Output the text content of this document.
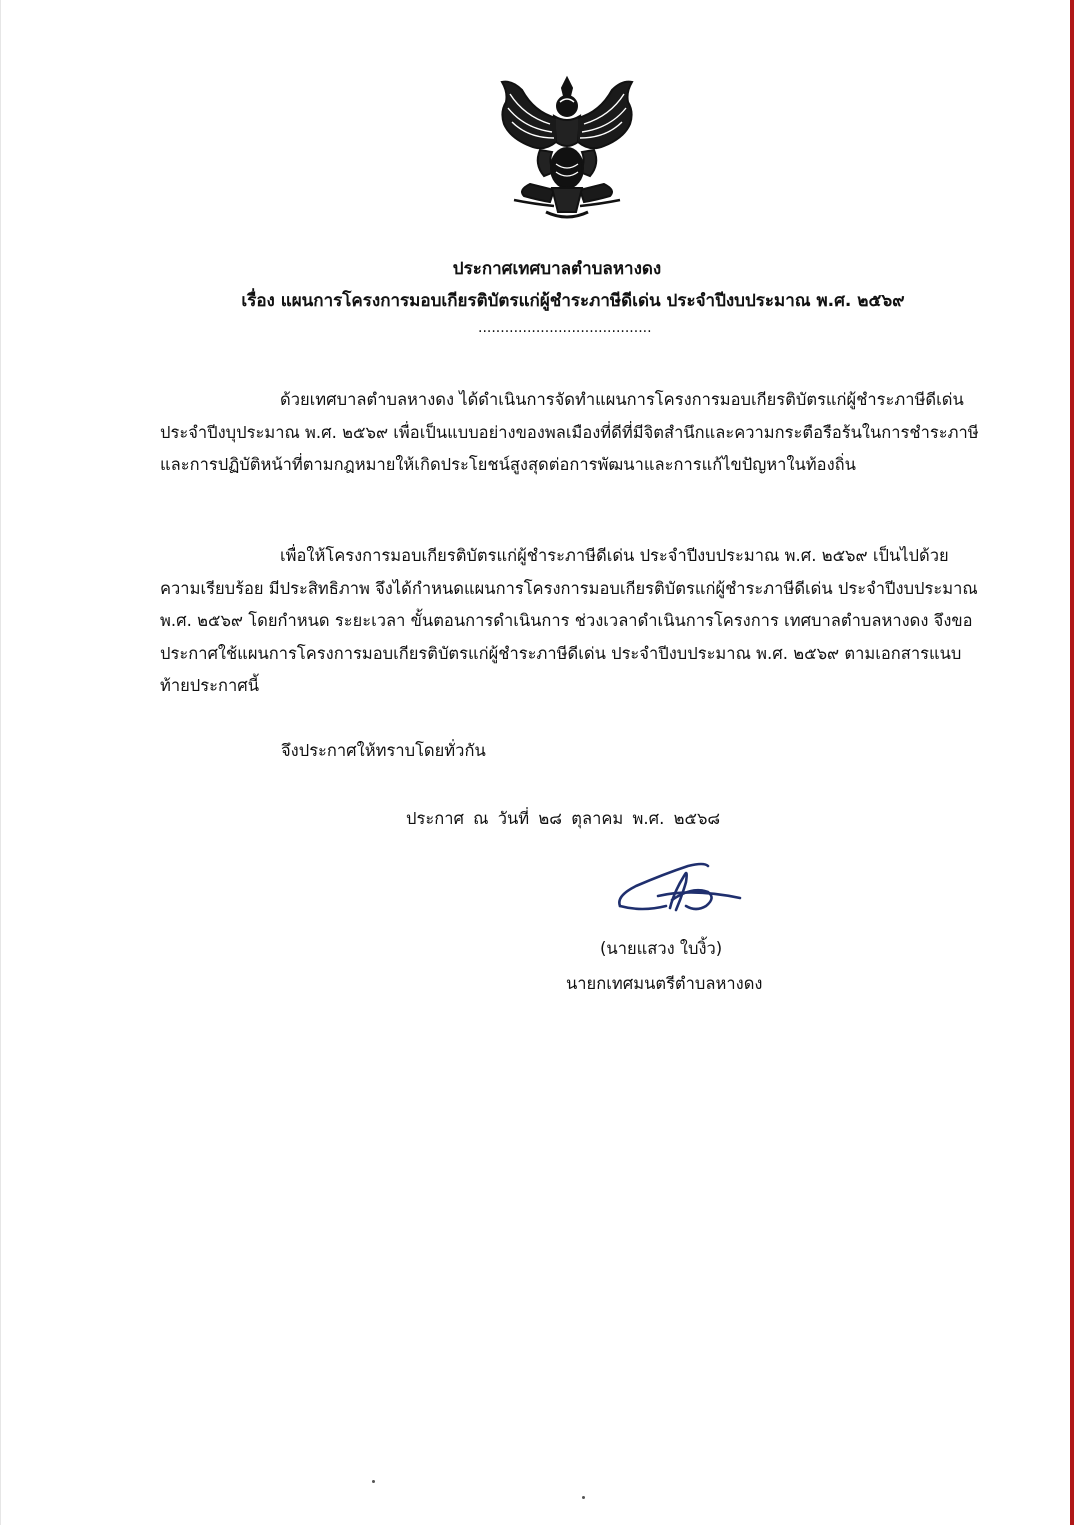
ประกาศเทศบาลตำบลหางดง
เรื่อง แผนการโครงการมอบเกียรติบัตรแก่ผู้ชำระภาษีดีเด่น ประจำปีงบประมาณ พ.ศ. ๒๕๖๙
.......................................
ด้วยเทศบาลตำบลหางดง ได้ดำเนินการจัดทำแผนการโครงการมอบเกียรติบัตรแก่ผู้ชำระภาษีดีเด่น ประจำปีงบุประมาณ พ.ศ. ๒๕๖๙ เพื่อเป็นแบบอย่างของพลเมืองที่ดีที่มีจิตสำนึกและความกระตือรือร้นในการชำระภาษีและการปฏิบัติหน้าที่ตามกฎหมายให้เกิดประโยชน์สูงสุดต่อการพัฒนาและการแก้ไขปัญหาในท้องถิ่น
เพื่อให้โครงการมอบเกียรติบัตรแก่ผู้ชำระภาษีดีเด่น ประจำปีงบประมาณ พ.ศ. ๒๕๖๙ เป็นไปด้วยความเรียบร้อย มีประสิทธิภาพ จึงได้กำหนดแผนการโครงการมอบเกียรติบัตรแก่ผู้ชำระภาษีดีเด่น ประจำปีงบประมาณ พ.ศ. ๒๕๖๙ โดยกำหนด ระยะเวลา ขั้นตอนการดำเนินการ ช่วงเวลาดำเนินการโครงการ เทศบาลตำบลหางดง จึงขอประกาศใช้แผนการโครงการมอบเกียรติบัตรแก่ผู้ชำระภาษีดีเด่น ประจำปีงบประมาณ พ.ศ. ๒๕๖๙ ตามเอกสารแนบท้ายประกาศนี้
จึงประกาศให้ทราบโดยทั่วกัน
ประกาศ ณ วันที่ ๒๘ ตุลาคม พ.ศ. ๒๕๖๘
(นายแสวง ใบงิ้ว)
นายกเทศมนตรีตำบลหางดง
